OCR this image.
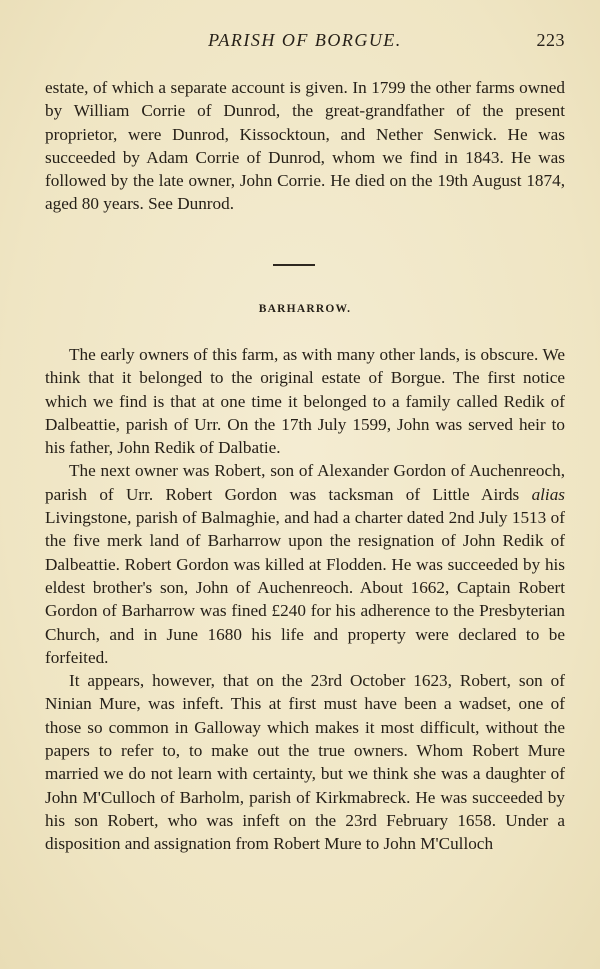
PARISH OF BORGUE.	223

estate, of which a separate account is given. In 1799 the other farms owned by William Corrie of Dunrod, the great-grandfather of the present proprietor, were Dunrod, Kissocktoun, and Nether Senwick. He was succeeded by Adam Corrie of Dunrod, whom we find in 1843. He was followed by the late owner, John Corrie. He died on the 19th August 1874, aged 80 years. See Dunrod.

BARHARROW.

The early owners of this farm, as with many other lands, is obscure. We think that it belonged to the original estate of Borgue. The first notice which we find is that at one time it belonged to a family called Redik of Dalbeattie, parish of Urr. On the 17th July 1599, John was served heir to his father, John Redik of Dalbatie.

The next owner was Robert, son of Alexander Gordon of Auchenreoch, parish of Urr. Robert Gordon was tacksman of Little Airds alias Livingstone, parish of Balmaghie, and had a charter dated 2nd July 1513 of the five merk land of Barharrow upon the resignation of John Redik of Dalbeattie. Robert Gordon was killed at Flodden. He was succeeded by his eldest brother's son, John of Auchenreoch. About 1662, Captain Robert Gordon of Barharrow was fined £240 for his adherence to the Presbyterian Church, and in June 1680 his life and property were declared to be forfeited.

It appears, however, that on the 23rd October 1623, Robert, son of Ninian Mure, was infeft. This at first must have been a wadset, one of those so common in Galloway which makes it most difficult, without the papers to refer to, to make out the true owners. Whom Robert Mure married we do not learn with certainty, but we think she was a daughter of John M'Culloch of Barholm, parish of Kirkmabreck. He was succeeded by his son Robert, who was infeft on the 23rd February 1658. Under a disposition and assignation from Robert Mure to John M'Culloch
